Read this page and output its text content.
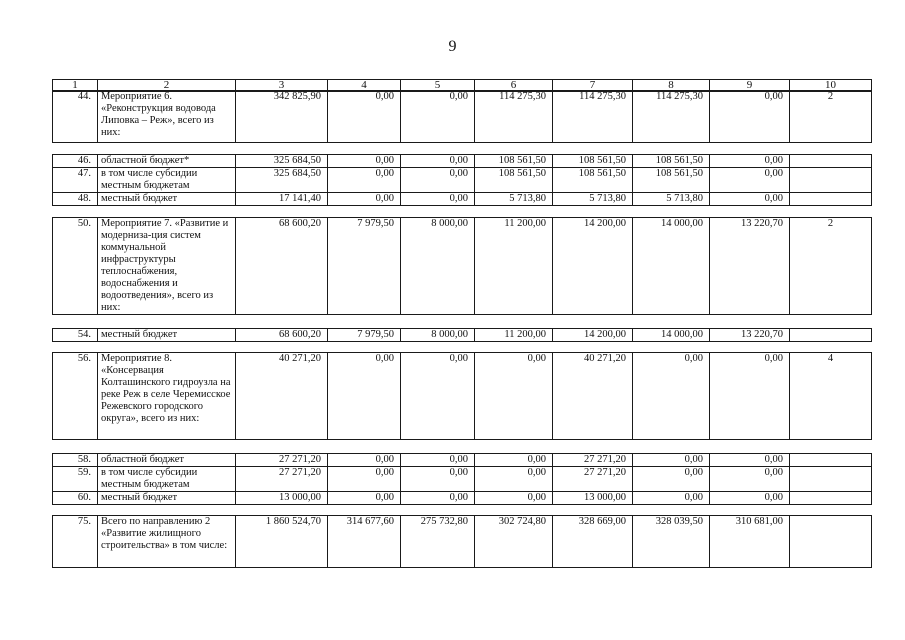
9
1	2	3	4	5	6	7	8	9	10
44.	Мероприятие 6. «Реконструкция водовода Липовка – Реж», всего из них:	342 825,90	0,00	0,00	114 275,30	114 275,30	114 275,30	0,00	2
46.	областной бюджет*	325 684,50	0,00	0,00	108 561,50	108 561,50	108 561,50	0,00	
47.	в том числе субсидии местным бюджетам	325 684,50	0,00	0,00	108 561,50	108 561,50	108 561,50	0,00	
48.	местный бюджет	17 141,40	0,00	0,00	5 713,80	5 713,80	5 713,80	0,00	
50.	Мероприятие 7. «Развитие и модерниза-ция систем коммунальной инфраструктуры теплоснабжения, водоснабжения и водоотведения», всего из них:	68 600,20	7 979,50	8 000,00	11 200,00	14 200,00	14 000,00	13 220,70	2
54.	местный бюджет	68 600,20	7 979,50	8 000,00	11 200,00	14 200,00	14 000,00	13 220,70	
56.	Мероприятие 8. «Консервация Колташинского гидроузла на реке Реж в селе Черемисское Режевского городского округа», всего из них:	40 271,20	0,00	0,00	0,00	40 271,20	0,00	0,00	4
58.	областной бюджет	27 271,20	0,00	0,00	0,00	27 271,20	0,00	0,00	
59.	в том числе субсидии местным бюджетам	27 271,20	0,00	0,00	0,00	27 271,20	0,00	0,00	
60.	местный бюджет	13 000,00	0,00	0,00	0,00	13 000,00	0,00	0,00	
75.	Всего по направлению 2 «Развитие жилищного строительства» в том числе:	1 860 524,70	314 677,60	275 732,80	302 724,80	328 669,00	328 039,50	310 681,00	
